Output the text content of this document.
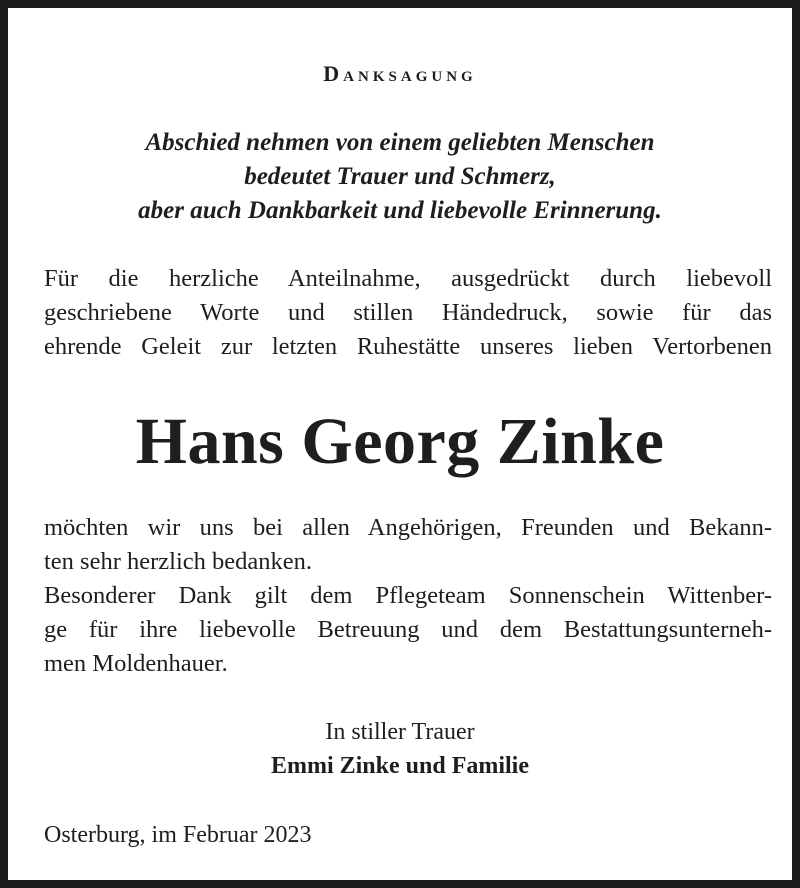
Danksagung
Abschied nehmen von einem geliebten Menschen
bedeutet Trauer und Schmerz,
aber auch Dankbarkeit und liebevolle Erinnerung.
Für die herzliche Anteilnahme, ausgedrückt durch liebevoll
geschriebene Worte und stillen Händedruck, sowie für das
ehrende Geleit zur letzten Ruhestätte unseres lieben Vertorbenen
Hans Georg Zinke
möchten wir uns bei allen Angehörigen, Freunden und Bekann-
ten sehr herzlich bedanken.
Besonderer Dank gilt dem Pflegeteam Sonnenschein Wittenber-
ge für ihre liebevolle Betreuung und dem Bestattungsunterneh-
men Moldenhauer.
In stiller Trauer
Emmi Zinke und Familie
Osterburg, im Februar 2023
